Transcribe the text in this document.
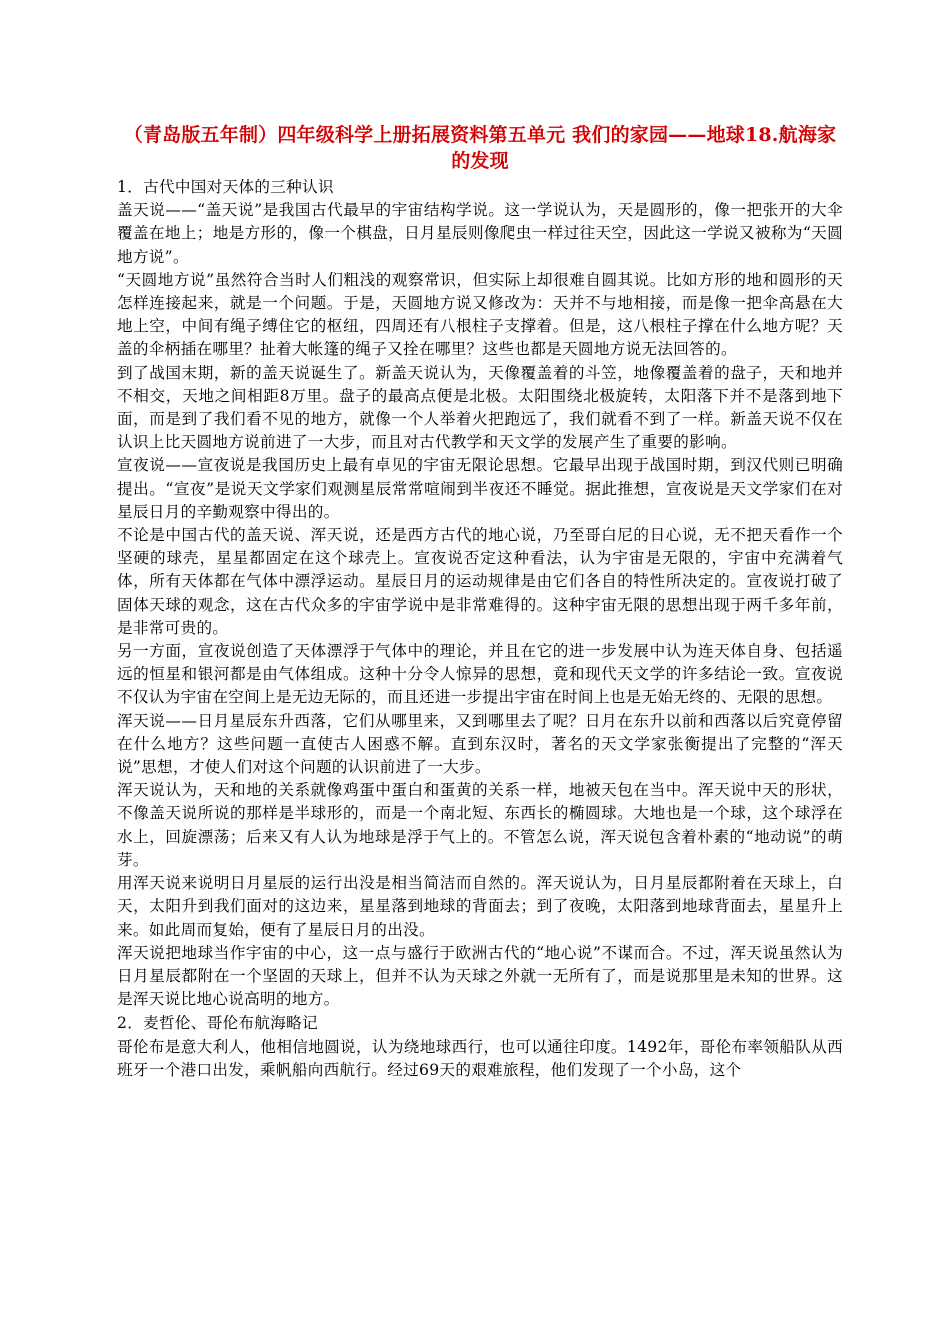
（青岛版五年制）四年级科学上册拓展资料第五单元 我们的家园——地球18.航海家的发现

1．古代中国对天体的三种认识

盖天说——“盖天说”是我国古代最早的宇宙结构学说。这一学说认为，天是圆形的，像一把张开的大伞覆盖在地上；地是方形的，像一个棋盘，日月星辰则像爬虫一样过往天空，因此这一学说又被称为“天圆地方说”。

“天圆地方说”虽然符合当时人们粗浅的观察常识，但实际上却很难自圆其说。比如方形的地和圆形的天怎样连接起来，就是一个问题。于是，天圆地方说又修改为：天并不与地相接，而是像一把伞高悬在大地上空，中间有绳子缚住它的枢纽，四周还有八根柱子支撑着。但是，这八根柱子撑在什么地方呢？天盖的伞柄插在哪里？扯着大帐篷的绳子又拴在哪里？这些也都是天圆地方说无法回答的。

到了战国末期，新的盖天说诞生了。新盖天说认为，天像覆盖着的斗笠，地像覆盖着的盘子，天和地并不相交，天地之间相距8万里。盘子的最高点便是北极。太阳围绕北极旋转，太阳落下并不是落到地下面，而是到了我们看不见的地方，就像一个人举着火把跑远了，我们就看不到了一样。新盖天说不仅在认识上比天圆地方说前进了一大步，而且对古代教学和天文学的发展产生了重要的影响。

宣夜说——宣夜说是我国历史上最有卓见的宇宙无限论思想。它最早出现于战国时期，到汉代则已明确提出。“宣夜”是说天文学家们观测星辰常常喧闹到半夜还不睡觉。据此推想，宣夜说是天文学家们在对星辰日月的辛勤观察中得出的。

不论是中国古代的盖天说、浑天说，还是西方古代的地心说，乃至哥白尼的日心说，无不把天看作一个坚硬的球壳，星星都固定在这个球壳上。宣夜说否定这种看法，认为宇宙是无限的，宇宙中充满着气体，所有天体都在气体中漂浮运动。星辰日月的运动规律是由它们各自的特性所决定的。宣夜说打破了固体天球的观念，这在古代众多的宇宙学说中是非常难得的。这种宇宙无限的思想出现于两千多年前，是非常可贵的。

另一方面，宣夜说创造了天体漂浮于气体中的理论，并且在它的进一步发展中认为连天体自身、包括遥远的恒星和银河都是由气体组成。这种十分令人惊异的思想，竟和现代天文学的许多结论一致。宣夜说不仅认为宇宙在空间上是无边无际的，而且还进一步提出宇宙在时间上也是无始无终的、无限的思想。

浑天说——日月星辰东升西落，它们从哪里来，又到哪里去了呢？日月在东升以前和西落以后究竟停留在什么地方？这些问题一直使古人困惑不解。直到东汉时，著名的天文学家张衡提出了完整的“浑天说”思想，才使人们对这个问题的认识前进了一大步。

浑天说认为，天和地的关系就像鸡蛋中蛋白和蛋黄的关系一样，地被天包在当中。浑天说中天的形状，不像盖天说所说的那样是半球形的，而是一个南北短、东西长的椭圆球。大地也是一个球，这个球浮在水上，回旋漂荡；后来又有人认为地球是浮于气上的。不管怎么说，浑天说包含着朴素的“地动说”的萌芽。

用浑天说来说明日月星辰的运行出没是相当简洁而自然的。浑天说认为，日月星辰都附着在天球上，白天，太阳升到我们面对的这边来，星星落到地球的背面去；到了夜晚，太阳落到地球背面去，星星升上来。如此周而复始，便有了星辰日月的出没。

浑天说把地球当作宇宙的中心，这一点与盛行于欧洲古代的“地心说”不谋而合。不过，浑天说虽然认为日月星辰都附在一个坚固的天球上，但并不认为天球之外就一无所有了，而是说那里是未知的世界。这是浑天说比地心说高明的地方。

2．麦哲伦、哥伦布航海略记

哥伦布是意大利人，他相信地圆说，认为绕地球西行，也可以通往印度。1492年，哥伦布率领船队从西班牙一个港口出发，乘帆船向西航行。经过69天的艰难旅程，他们发现了一个小岛，这个
